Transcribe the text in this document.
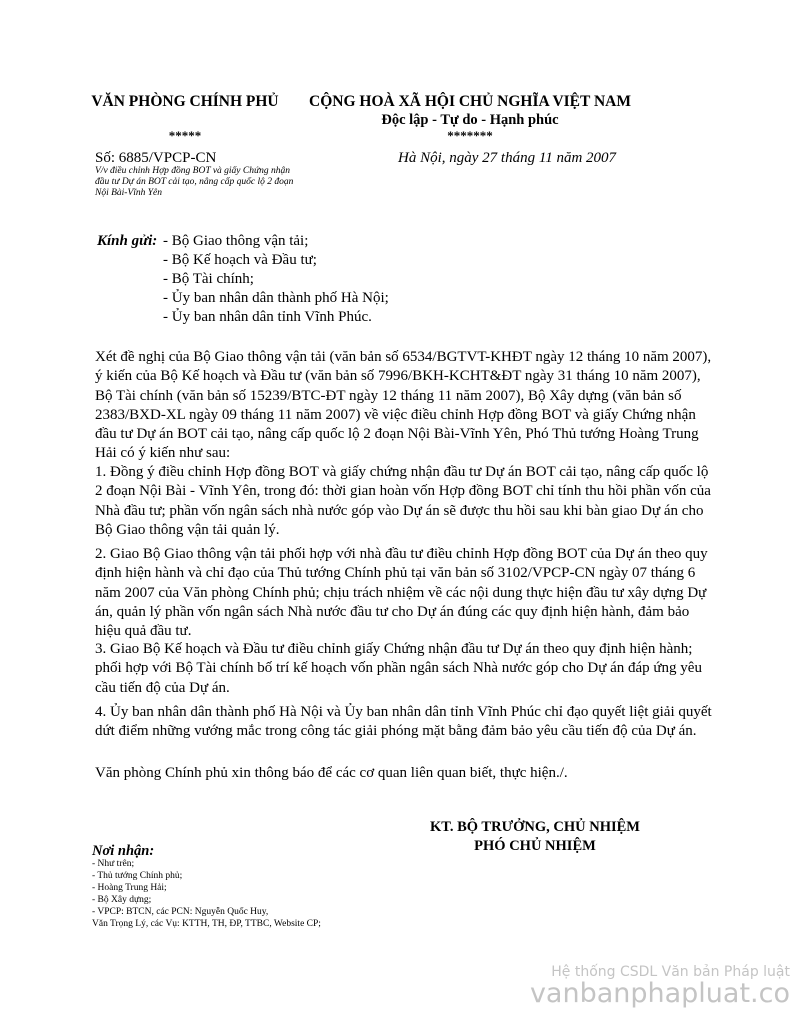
VĂN PHÒNG CHÍNH PHỦ
*****
CỘNG HOÀ XÃ HỘI CHỦ NGHĨA VIỆT NAM
Độc lập - Tự do - Hạnh phúc
*******
Số: 6885/VPCP-CN
V/v điều chỉnh Hợp đồng BOT và giấy Chứng nhận đầu tư Dự án BOT cải tạo, nâng cấp quốc lộ 2 đoạn Nội Bài-Vĩnh Yên
Hà Nội, ngày 27 tháng 11 năm 2007
Kính gửi: - Bộ Giao thông vận tải;
- Bộ Kế hoạch và Đầu tư;
- Bộ Tài chính;
- Ủy ban nhân dân thành phố Hà Nội;
- Ủy ban nhân dân tỉnh Vĩnh Phúc.

Xét đề nghị của Bộ Giao thông vận tải (văn bản số 6534/BGTVT-KHĐT ngày 12 tháng 10 năm 2007), ý kiến của Bộ Kế hoạch và Đầu tư (văn bản số 7996/BKH-KCHT&ĐT ngày 31 tháng 10 năm 2007), Bộ Tài chính (văn bản số 15239/BTC-ĐT ngày 12 tháng 11 năm 2007), Bộ Xây dựng (văn bản số 2383/BXD-XL ngày 09 tháng 11 năm 2007) về việc điều chỉnh Hợp đồng BOT và giấy Chứng nhận đầu tư Dự án BOT cải tạo, nâng cấp quốc lộ 2 đoạn Nội Bài-Vĩnh Yên, Phó Thủ tướng Hoàng Trung Hải có ý kiến như sau:

1. Đồng ý điều chỉnh Hợp đồng BOT và giấy chứng nhận đầu tư Dự án BOT cải tạo, nâng cấp quốc lộ 2 đoạn Nội Bài - Vĩnh Yên, trong đó: thời gian hoàn vốn Hợp đồng BOT chỉ tính thu hồi phần vốn của Nhà đầu tư; phần vốn ngân sách nhà nước góp vào Dự án sẽ được thu hồi sau khi bàn giao Dự án cho Bộ Giao thông vận tải quản lý.

2. Giao Bộ Giao thông vận tải phối hợp với nhà đầu tư điều chỉnh Hợp đồng BOT của Dự án theo quy định hiện hành và chỉ đạo của Thủ tướng Chính phủ tại văn bản số 3102/VPCP-CN ngày 07 tháng 6 năm 2007 của Văn phòng Chính phủ; chịu trách nhiệm về các nội dung thực hiện đầu tư xây dựng Dự án, quản lý phần vốn ngân sách Nhà nước đầu tư cho Dự án đúng các quy định hiện hành, đảm bảo hiệu quả đầu tư.

3. Giao Bộ Kế hoạch và Đầu tư điều chỉnh giấy Chứng nhận đầu tư Dự án theo quy định hiện hành; phối hợp với Bộ Tài chính bố trí kế hoạch vốn phần ngân sách Nhà nước góp cho Dự án đáp ứng yêu cầu tiến độ của Dự án.

4. Ủy ban nhân dân thành phố Hà Nội và Ủy ban nhân dân tỉnh Vĩnh Phúc chỉ đạo quyết liệt giải quyết dứt điểm những vướng mắc trong công tác giải phóng mặt bằng đảm bảo yêu cầu tiến độ của Dự án.

Văn phòng Chính phủ xin thông báo để các cơ quan liên quan biết, thực hiện./.

KT. BỘ TRƯỞNG, CHỦ NHIỆM
PHÓ CHỦ NHIỆM
Nơi nhận:
- Như trên;
- Thủ tướng Chính phủ;
- Hoàng Trung Hải;
- Bộ Xây dựng;
- VPCP: BTCN, các PCN: Nguyễn Quốc Huy,
Văn Trọng Lý, các Vụ: KTTH, TH, ĐP, TTBC, Website CP;
Hệ thống CSDL Văn bản Pháp luật
vanbanphapluat.co
